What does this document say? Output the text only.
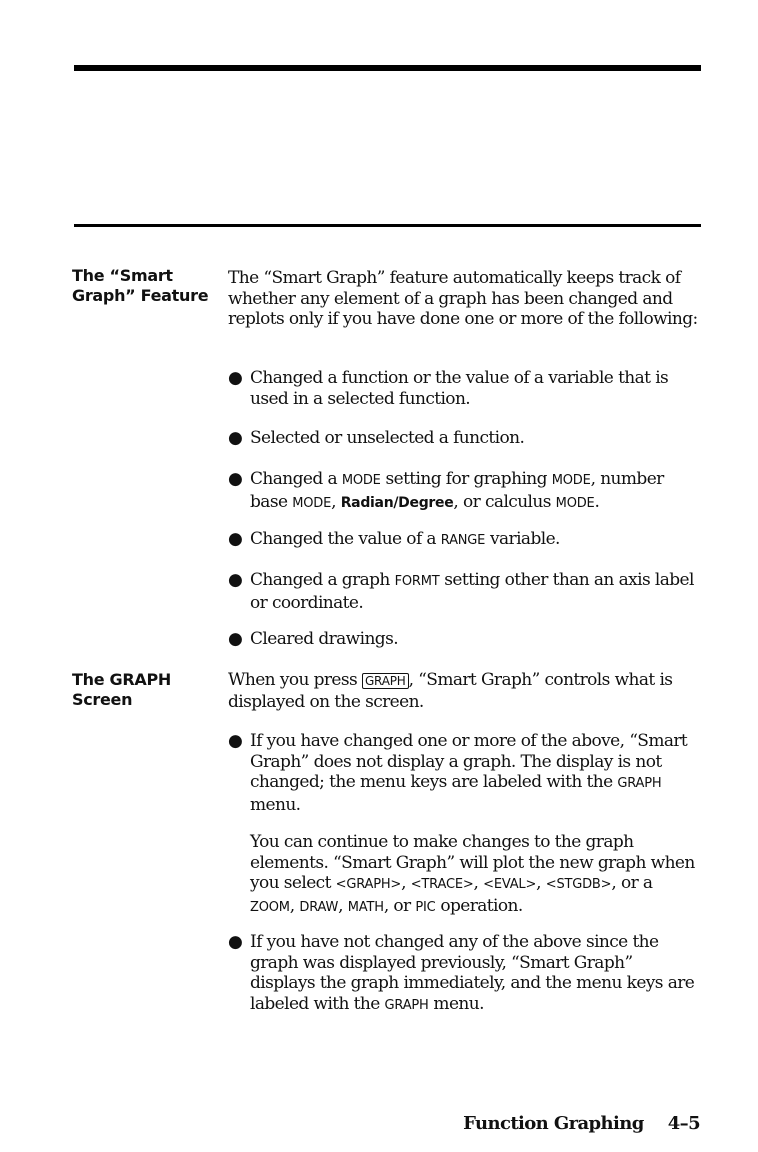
The “Smart
Graph” Feature
The “Smart Graph” feature automatically keeps track of whether any element of a graph has been changed and replots only if you have done one or more of the following:
● Changed a function or the value of a variable that is used in a selected function.
● Selected or unselected a function.
● Changed a MODE setting for graphing MODE, number base MODE, Radian/Degree, or calculus MODE.
● Changed the value of a RANGE variable.
● Changed a graph FORMT setting other than an axis label or coordinate.
● Cleared drawings.
The GRAPH
Screen
When you press GRAPH , “Smart Graph” controls what is displayed on the screen.
● If you have changed one or more of the above, “Smart Graph” does not display a graph. The display is not changed; the menu keys are labeled with the GRAPH menu.
You can continue to make changes to the graph elements. “Smart Graph” will plot the new graph when you select <GRAPH>, <TRACE>, <EVAL>, <STGDB>, or a ZOOM, DRAW, MATH, or PIC operation.
● If you have not changed any of the above since the graph was displayed previously, “Smart Graph” displays the graph immediately, and the menu keys are labeled with the GRAPH menu.
Function Graphing 4–5
